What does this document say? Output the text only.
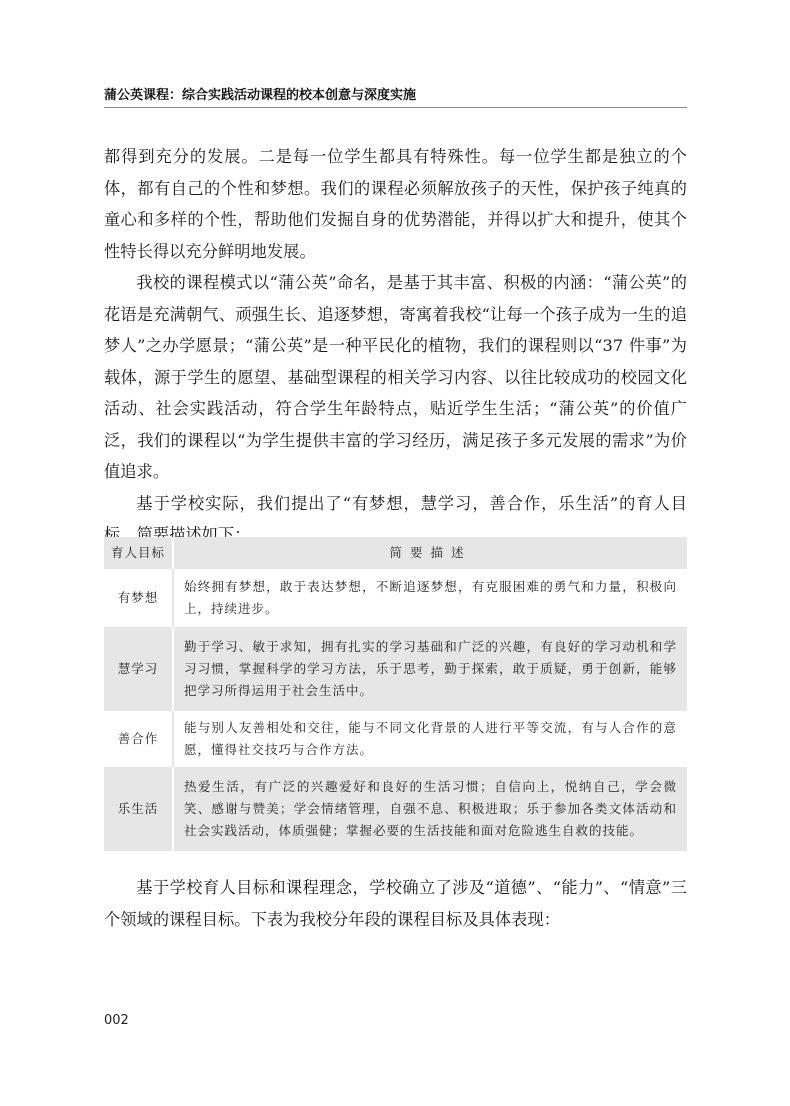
蒲公英课程：综合实践活动课程的校本创意与深度实施

都得到充分的发展。二是每一位学生都具有特殊性。每一位学生都是独立的个体，都有自己的个性和梦想。我们的课程必须解放孩子的天性，保护孩子纯真的童心和多样的个性，帮助他们发掘自身的优势潜能，并得以扩大和提升，使其个性特长得以充分鲜明地发展。

我校的课程模式以“蒲公英”命名，是基于其丰富、积极的内涵：“蒲公英”的花语是充满朝气、顽强生长、追逐梦想，寄寓着我校“让每一个孩子成为一生的追梦人”之办学愿景；“蒲公英”是一种平民化的植物，我们的课程则以“37 件事”为载体，源于学生的愿望、基础型课程的相关学习内容、以往比较成功的校园文化活动、社会实践活动，符合学生年龄特点，贴近学生生活；“蒲公英”的价值广泛，我们的课程以“为学生提供丰富的学习经历，满足孩子多元发展的需求”为价值追求。

基于学校实际，我们提出了“有梦想，慧学习，善合作，乐生活”的育人目标，简要描述如下：

育人目标	简要描述
有梦想	始终拥有梦想，敢于表达梦想，不断追逐梦想，有克服困难的勇气和力量，积极向上，持续进步。
慧学习	勤于学习、敏于求知，拥有扎实的学习基础和广泛的兴趣，有良好的学习动机和学习习惯，掌握科学的学习方法，乐于思考，勤于探索，敢于质疑，勇于创新，能够把学习所得运用于社会生活中。
善合作	能与别人友善相处和交往，能与不同文化背景的人进行平等交流，有与人合作的意愿，懂得社交技巧与合作方法。
乐生活	热爱生活，有广泛的兴趣爱好和良好的生活习惯；自信向上，悦纳自己，学会微笑、感谢与赞美；学会情绪管理，自强不息、积极进取；乐于参加各类文体活动和社会实践活动，体质强健；掌握必要的生活技能和面对危险逃生自救的技能。

基于学校育人目标和课程理念，学校确立了涉及“道德”、“能力”、“情意”三个领域的课程目标。下表为我校分年段的课程目标及具体表现：

002
